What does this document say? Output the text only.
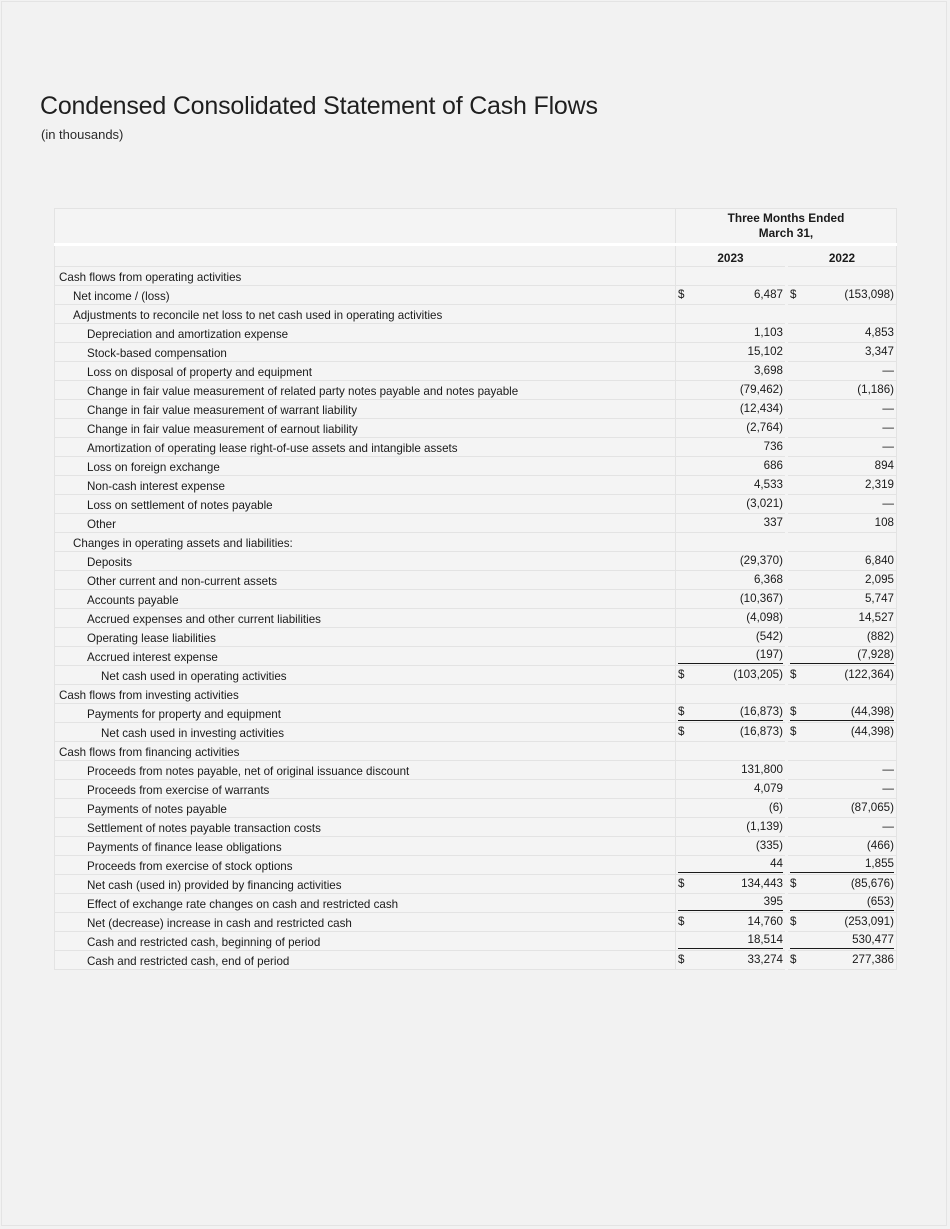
Condensed Consolidated Statement of Cash Flows
(in thousands)

	Three Months Ended March 31,	

	2023	2022

Cash flows from operating activities	

Net income / (loss)	$ 6,487	$ (153,098)

Adjustments to reconcile net loss to net cash used in operating activities	

Depreciation and amortization expense	1,103	4,853

Stock-based compensation	15,102	3,347

Loss on disposal of property and equipment	3,698	—

Change in fair value measurement of related party notes payable and notes payable	(79,462)	(1,186)

Change in fair value measurement of warrant liability	(12,434)	—

Change in fair value measurement of earnout liability	(2,764)	—

Amortization of operating lease right-of-use assets and intangible assets	736	—

Loss on foreign exchange	686	894

Non-cash interest expense	4,533	2,319

Loss on settlement of notes payable	(3,021)	—

Other	337	108

Changes in operating assets and liabilities:	

Deposits	(29,370)	6,840

Other current and non-current assets	6,368	2,095

Accounts payable	(10,367)	5,747

Accrued expenses and other current liabilities	(4,098)	14,527

Operating lease liabilities	(542)	(882)

Accrued interest expense	(197)	(7,928)

Net cash used in operating activities	$ (103,205)	$ (122,364)

Cash flows from investing activities	

Payments for property and equipment	$ (16,873)	$ (44,398)

Net cash used in investing activities	$ (16,873)	$ (44,398)

Cash flows from financing activities	

Proceeds from notes payable, net of original issuance discount	131,800	—

Proceeds from exercise of warrants	4,079	—

Payments of notes payable	(6)	(87,065)

Settlement of notes payable transaction costs	(1,139)	—

Payments of finance lease obligations	(335)	(466)

Proceeds from exercise of stock options	44	1,855

Net cash (used in) provided by financing activities	$ 134,443	$ (85,676)

Effect of exchange rate changes on cash and restricted cash	395	(653)

Net (decrease) increase in cash and restricted cash	$ 14,760	$ (253,091)

Cash and restricted cash, beginning of period	18,514	530,477

Cash and restricted cash, end of period	$ 33,274	$ 277,386
